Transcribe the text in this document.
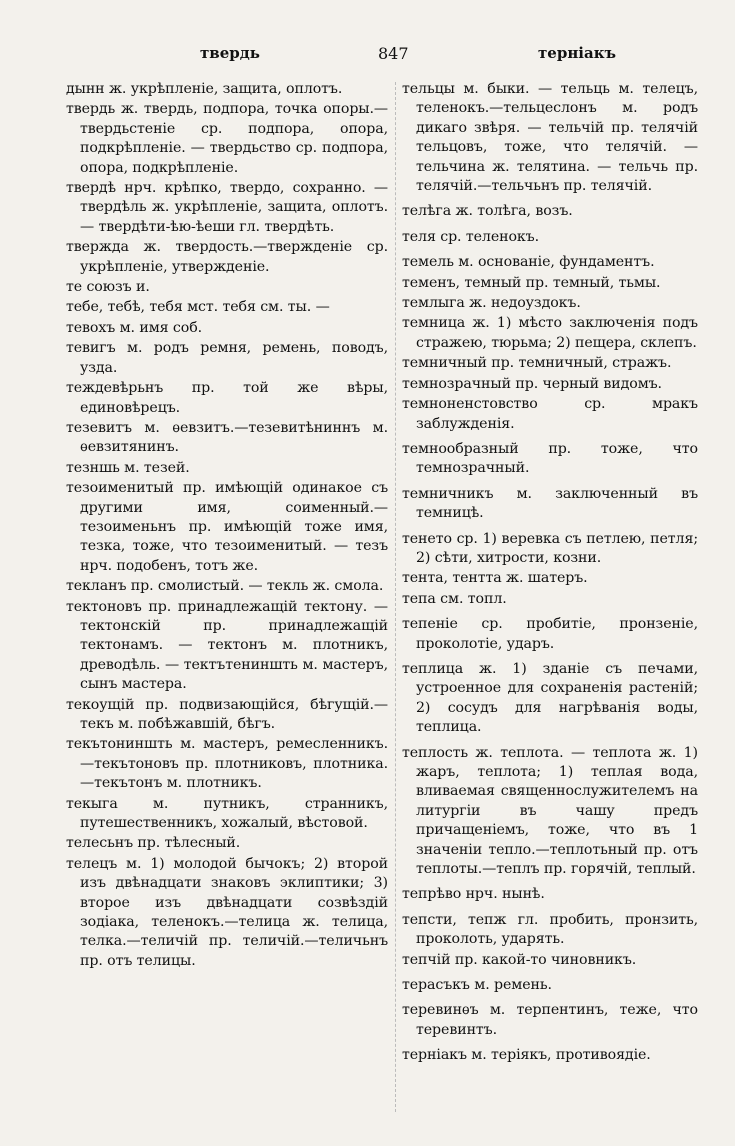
твердь	847	терніакъ

дынн ж. укрѣпленіе, защита, оплотъ.

твердь ж. твердь, подпора, точка опоры.—твердьстеніе ср. подпора, опора, подкрѣпленіе. — твердьство ср. подпора, опора, подкрѣпленіе.

твердѣ нрч. крѣпко, твердо, сохранно. — твердѣль ж. укрѣпленіе, защита, оплотъ. — твердѣти-ѣю-ѣеши гл. твердѣть.

твержда ж. твердость.—твержденіе ср. укрѣпленіе, утвержденіе.

те союзъ и.

тебе, тебѣ, тебя мст. тебя см. ты. —

тевохъ м. имя соб.

тевигъ м. родъ ремня, ремень, поводъ, узда.

теждевѣрьнъ пр. той же вѣры, единовѣрецъ.

тезевитъ м. ѳевзитъ.—тезевитѣниннъ м. ѳевзитянинъ.

тезншь м. тезей.

тезоименитый пр. имѣющій одинакое съ другими имя, соименный.— тезоименьнъ пр. имѣющій тоже имя, тезка, тоже, что тезоименитый. — тезъ нрч. подобенъ, тотъ же.

текланъ пр. смолистый. — текль ж. смола.

тектоновъ пр. принадлежащій тектону. — тектонскій пр. принадлежащій тектонамъ. — тектонъ м. плотникъ, древодѣль. — тектътениншть м. мастеръ, сынъ мастера.

текоущій пр. подвизающійся, бѣгущій.—текъ м. побѣжавшій, бѣгъ.

текътониншть м. мастеръ, ремесленникъ.—текътоновъ пр. плотниковъ, плотника.—текътонъ м. плотникъ.

текыга м. путникъ, странникъ, путешественникъ, хожалый, вѣстовой.

телесьнъ пр. тѣлесный.

телецъ м. 1) молодой бычокъ; 2) второй изъ двѣнадцати знаковъ эклиптики; 3) второе изъ двѣнадцати созвѣздій зодіака, теленокъ.—телица ж. телица, телка.—теличій пр. теличій.—теличьнъ пр. отъ телицы.

тельцы м. быки. — тельць м. телецъ, теленокъ.—тельцеслонъ м. родъ дикаго звѣря. — тельчій пр. телячій тельцовъ, тоже, что телячій. — тельчина ж. телятина. — тельчь пр. телячій.—тельчьнъ пр. телячій.

телѣга ж. толѣга, возъ.

теля ср. теленокъ.

темель м. основаніе, фундаментъ.

теменъ, темный пр. темный, тьмы.

темлыга ж. недоуздокъ.

темница ж. 1) мѣсто заключенія подъ стражею, тюрьма; 2) пещера, склепъ.

темничный пр. темничный, стражъ.

темнозрачный пр. черный видомъ.

темноненстовство ср. мракъ заблужденія.

темнообразный пр. тоже, что темнозрачный.

темничникъ м. заключенный въ темницѣ.

тенето ср. 1) веревка съ петлею, петля; 2) сѣти, хитрости, козни.

тента, тентта ж. шатеръ.

тепа см. топл.

тепеніе ср. пробитіе, пронзеніе, проколотіе, ударъ.

теплица ж. 1) зданіе съ печами, устроенное для сохраненія растеній; 2) сосудъ для нагрѣванія воды, теплица.

теплость ж. теплота. — теплота ж. 1) жаръ, теплота; 1) теплая вода, вливаемая священнослужителемъ на литургіи въ чашу предъ причащеніемъ, тоже, что въ 1 значеніи тепло.—теплотьный пр. отъ теплоты.—теплъ пр. горячій, теплый.

тепрѣво нрч. нынѣ.

тепсти, тепж гл. пробить, пронзить, проколоть, ударять.

тепчій пр. какой-то чиновникъ.

терасъкъ м. ремень.

теревинѳъ м. терпентинъ, теже, что теревинтъ.

терніакъ м. теріякъ, противоядіе.
